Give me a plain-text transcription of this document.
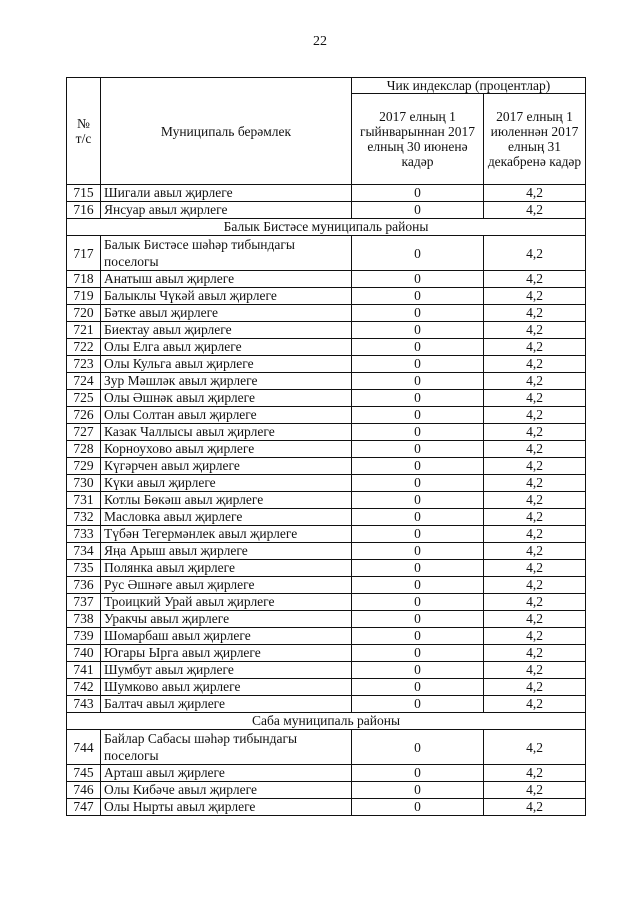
22
№
т/с	Муниципаль берәмлек	Чик индекслар (процентлар)	
		2017 елның 1 гыйнварыннан 2017 елның 30 июненә кадәр	2017 елның 1 июленнән 2017 елның 31 декабренә кадәр
715	Шигали авыл җирлеге	0	4,2
716	Янсуар авыл җирлеге	0	4,2
Балык Бистәсе муниципаль районы			
717	Балык Бистәсе шәһәр тибындагы поселогы	0	4,2
718	Анатыш авыл җирлеге	0	4,2
719	Балыклы Чүкәй авыл җирлеге	0	4,2
720	Бәтке авыл җирлеге	0	4,2
721	Биектау авыл җирлеге	0	4,2
722	Олы Елга авыл җирлеге	0	4,2
723	Олы Кульга авыл җирлеге	0	4,2
724	Зур Мәшләк авыл җирлеге	0	4,2
725	Олы Әшнәк авыл җирлеге	0	4,2
726	Олы Солтан авыл җирлеге	0	4,2
727	Казак Чаллысы авыл җирлеге	0	4,2
728	Корноухово авыл җирлеге	0	4,2
729	Күгәрчен авыл җирлеге	0	4,2
730	Күки авыл җирлеге	0	4,2
731	Котлы Бөкәш авыл җирлеге	0	4,2
732	Масловка авыл җирлеге	0	4,2
733	Түбән Тегермәнлек авыл җирлеге	0	4,2
734	Яңа Арыш авыл җирлеге	0	4,2
735	Полянка авыл җирлеге	0	4,2
736	Рус Әшнәге авыл җирлеге	0	4,2
737	Троицкий Урай авыл җирлеге	0	4,2
738	Уракчы авыл җирлеге	0	4,2
739	Шомарбаш авыл җирлеге	0	4,2
740	Югары Ырга авыл җирлеге	0	4,2
741	Шумбут авыл җирлеге	0	4,2
742	Шумково авыл җирлеге	0	4,2
743	Балтач авыл җирлеге	0	4,2
Саба муниципаль районы			
744	Байлар Сабасы шәһәр тибындагы поселогы	0	4,2
745	Арташ авыл җирлеге	0	4,2
746	Олы Кибәче авыл җирлеге	0	4,2
747	Олы Нырты авыл җирлеге	0	4,2
